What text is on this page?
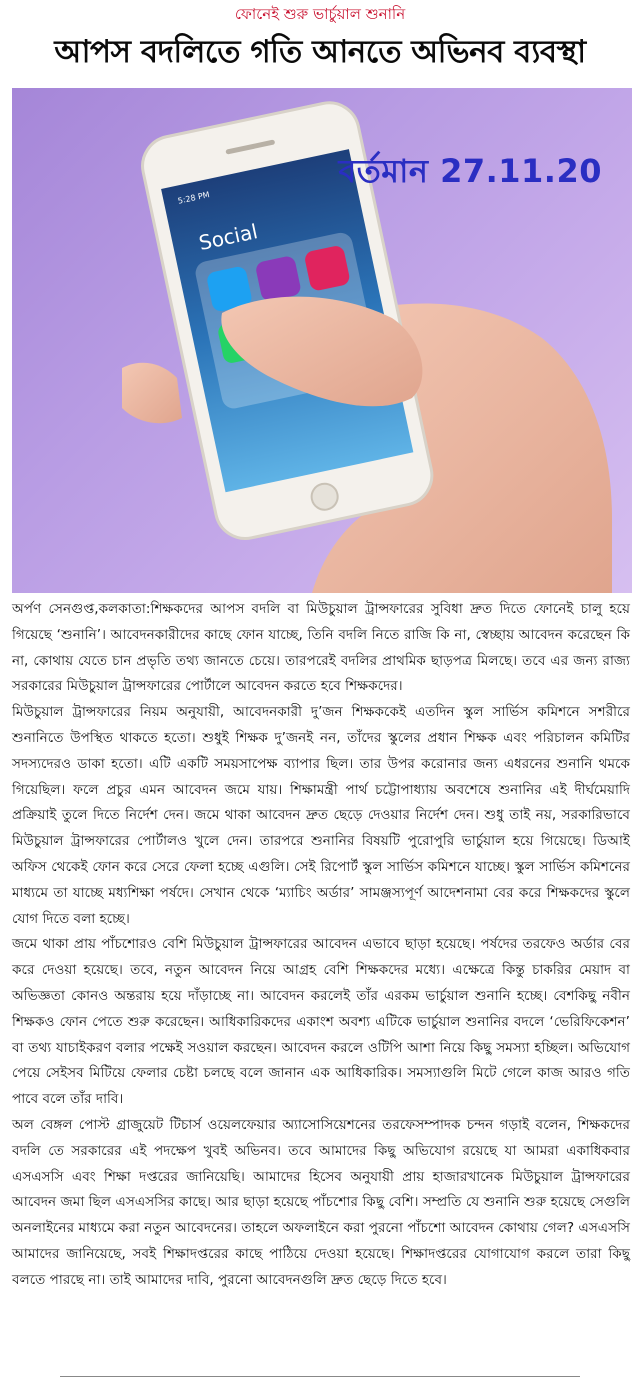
ফোনেই শুরু ভার্চুয়াল শুনানি
আপস বদলিতে গতি আনতে অভিনব ব্যবস্থা
5:28 PM
Social
বর্তমান 27.11.20

অর্পণ সেনগুপ্ত,কলকাতা:শিক্ষকদের আপস বদলি বা মিউচুয়াল ট্রান্সফারের সুবিধা দ্রুত দিতে ফোনেই চালু হয়ে গিয়েছে ‘শুনানি’। আবেদনকারীদের কাছে ফোন যাচ্ছে, তিনি বদলি নিতে রাজি কি না, স্বেচ্ছায় আবেদন করেছেন কি না, কোথায় যেতে চান প্রভৃতি তথ্য জানতে চেয়ে। তারপরেই বদলির প্রাথমিক ছাড়পত্র মিলছে। তবে এর জন্য রাজ্য সরকারের মিউচুয়াল ট্রান্সফারের পোর্টালে আবেদন করতে হবে শিক্ষকদের।

মিউচুয়াল ট্রান্সফারের নিয়ম অনুযায়ী, আবেদনকারী দু’জন শিক্ষককেই এতদিন স্কুল সার্ভিস কমিশনে সশরীরে শুনানিতে উপস্থিত থাকতে হতো। শুধুই শিক্ষক দু’জনই নন, তাঁদের স্কুলের প্রধান শিক্ষক এবং পরিচালন কমিটির সদস্যদেরও ডাকা হতো। এটি একটি সময়সাপেক্ষ ব্যাপার ছিল। তার উপর করোনার জন্য এধরনের শুনানি থমকে গিয়েছিল। ফলে প্রচুর এমন আবেদন জমে যায়। শিক্ষামন্ত্রী পার্থ চট্টোপাধ্যায় অবশেষে শুনানির এই দীর্ঘমেয়াদি প্রক্রিয়াই তুলে দিতে নির্দেশ দেন। জমে থাকা আবেদন দ্রুত ছেড়ে দেওয়ার নির্দেশ দেন। শুধু তাই নয়, সরকারিভাবে মিউচুয়াল ট্রান্সফারের পোর্টালও খুলে দেন। তারপরে শুনানির বিষয়টি পুরোপুরি ভার্চুয়াল হয়ে গিয়েছে। ডিআই অফিস থেকেই ফোন করে সেরে ফেলা হচ্ছে এগুলি। সেই রিপোর্ট স্কুল সার্ভিস কমিশনে যাচ্ছে। স্কুল সার্ভিস কমিশনের মাধ্যমে তা যাচ্ছে মধ্যশিক্ষা পর্ষদে। সেখান থেকে ‘ম্যাচিং অর্ডার’ সামঞ্জস্যপূর্ণ আদেশনামা বের করে শিক্ষকদের স্কুলে যোগ দিতে বলা হচ্ছে।

জমে থাকা প্রায় পাঁচশোরও বেশি মিউচুয়াল ট্রান্সফারের আবেদন এভাবে ছাড়া হয়েছে। পর্ষদের তরফেও অর্ডার বের করে দেওয়া হয়েছে। তবে, নতুন আবেদন নিয়ে আগ্রহ বেশি শিক্ষকদের মধ্যে। এক্ষেত্রে কিন্তু চাকরির মেয়াদ বা অভিজ্ঞতা কোনও অন্তরায় হয়ে দাঁড়াচ্ছে না। আবেদন করলেই তাঁর এরকম ভার্চুয়াল শুনানি হচ্ছে। বেশকিছু নবীন শিক্ষকও ফোন পেতে শুরু করেছেন। আধিকারিকদের একাংশ অবশ্য এটিকে ভার্চুয়াল শুনানির বদলে ‘ভেরিফিকেশন’ বা তথ্য যাচাইকরণ বলার পক্ষেই সওয়াল করছেন। আবেদন করলে ওটিপি আশা নিয়ে কিছু সমস্যা হচ্ছিল। অভিযোগ পেয়ে সেইসব মিটিয়ে ফেলার চেষ্টা চলছে বলে জানান এক আধিকারিক। সমস্যাগুলি মিটে গেলে কাজ আরও গতি পাবে বলে তাঁর দাবি।

অল বেঙ্গল পোস্ট গ্রাজুয়েট টিচার্স ওয়েলফেয়ার অ্যাসোসিয়েশনের তরফেসম্পাদক চন্দন গড়াই বলেন, শিক্ষকদের বদলি তে সরকারের এই পদক্ষেপ খুবই অভিনব। তবে আমাদের কিছু অভিযোগ রয়েছে যা আমরা একাধিকবার এসএসসি এবং শিক্ষা দপ্তরের জানিয়েছি। আমাদের হিসেব অনুযায়ী প্রায় হাজারখানেক মিউচুয়াল ট্রান্সফারের আবেদন জমা ছিল এসএসসির কাছে। আর ছাড়া হয়েছে পাঁচশোর কিছু বেশি। সম্প্রতি যে শুনানি শুরু হয়েছে সেগুলি অনলাইনের মাধ্যমে করা নতুন আবেদনের। তাহলে অফলাইনে করা পুরনো পাঁচশো আবেদন কোথায় গেল? এসএসসি আমাদের জানিয়েছে, সবই শিক্ষাদপ্তরের কাছে পাঠিয়ে দেওয়া হয়েছে। শিক্ষাদপ্তরের যোগাযোগ করলে তারা কিছু বলতে পারছে না। তাই আমাদের দাবি, পুরনো আবেদনগুলি দ্রুত ছেড়ে দিতে হবে।
